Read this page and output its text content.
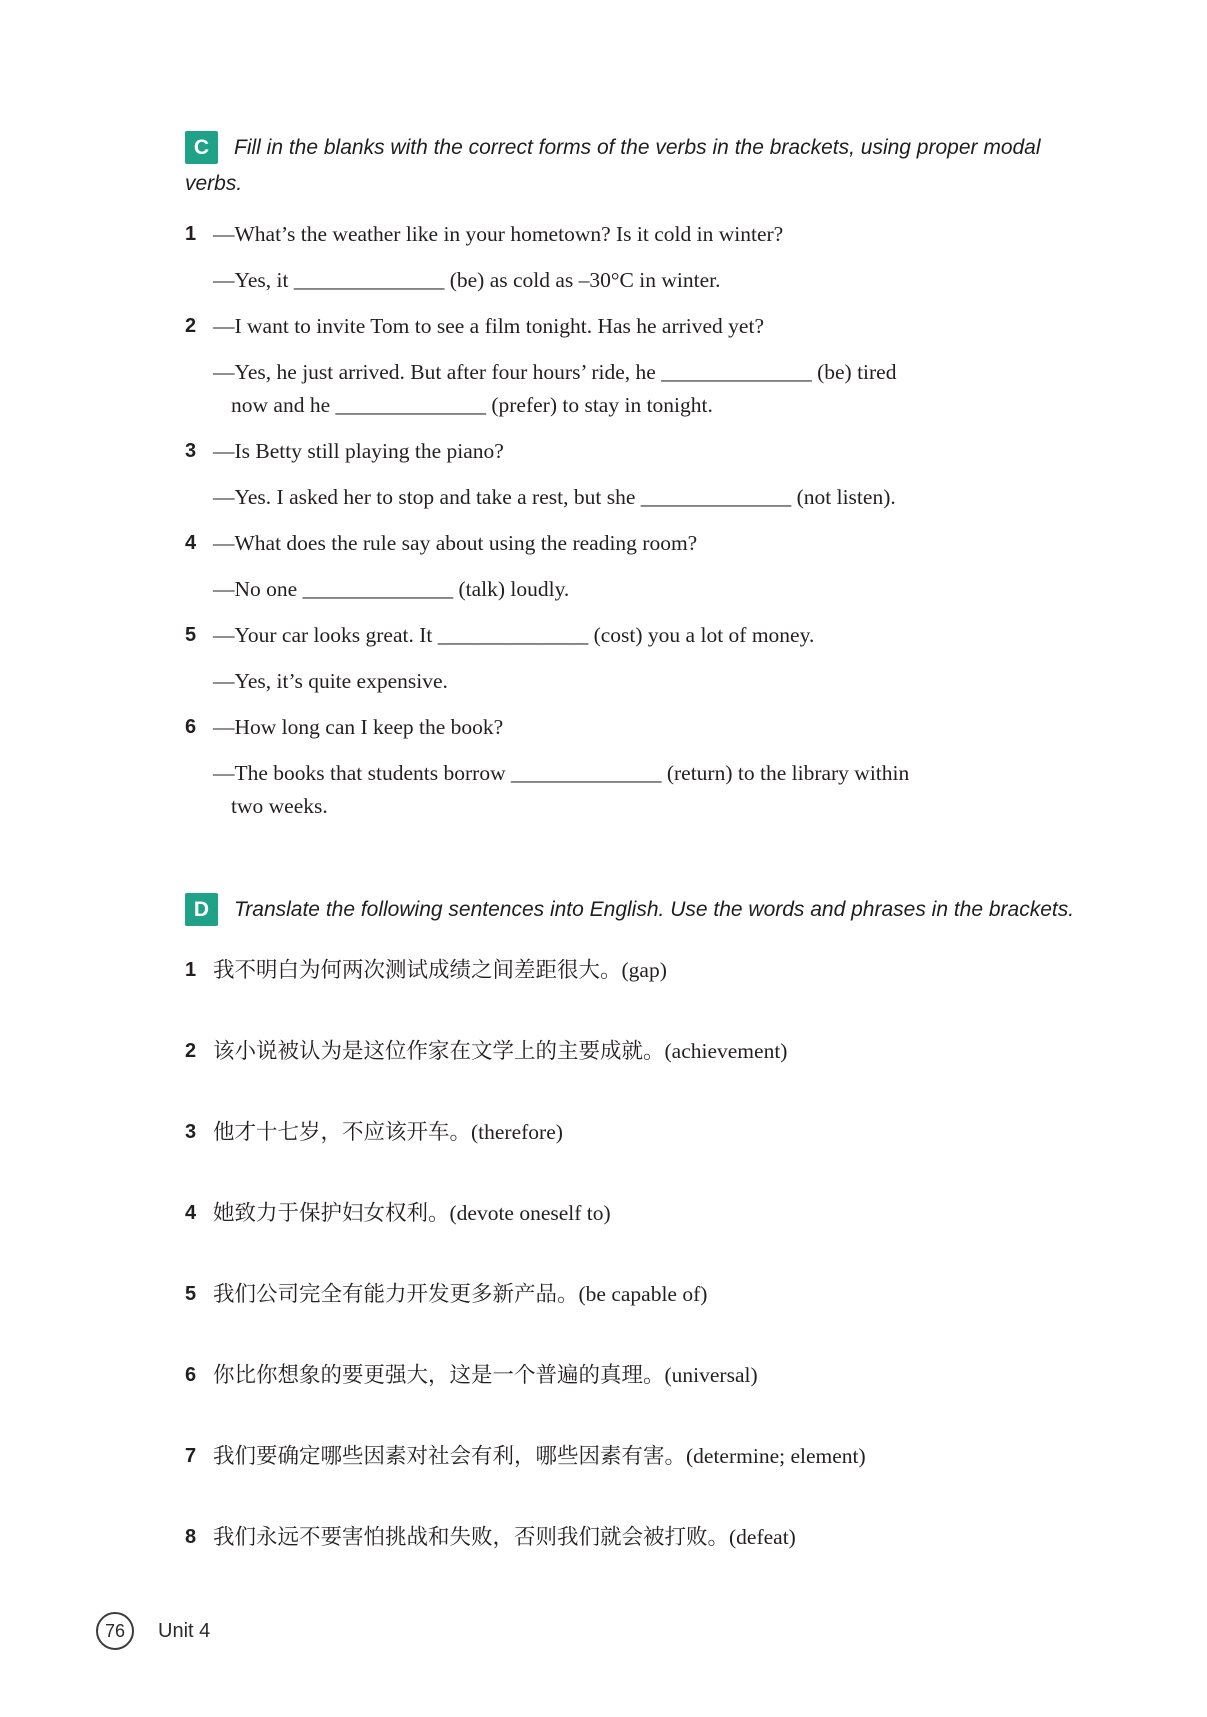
C	Fill in the blanks with the correct forms of the verbs in the brackets, using proper modal
verbs.
1 —What’s the weather like in your hometown? Is it cold in winter?
—Yes, it ______________ (be) as cold as –30°C in winter.
2 —I want to invite Tom to see a film tonight. Has he arrived yet?
—Yes, he just arrived. But after four hours’ ride, he ______________ (be) tired
now and he ______________ (prefer) to stay in tonight.
3 —Is Betty still playing the piano?
—Yes. I asked her to stop and take a rest, but she ______________ (not listen).
4 —What does the rule say about using the reading room?
—No one ______________ (talk) loudly.
5 —Your car looks great. It ______________ (cost) you a lot of money.
—Yes, it’s quite expensive.
6 —How long can I keep the book?
—The books that students borrow ______________ (return) to the library within
two weeks.
D	Translate the following sentences into English. Use the words and phrases in the brackets.
1 我不明白为何两次测试成绩之间差距很大。(gap)
2 该小说被认为是这位作家在文学上的主要成就。(achievement)
3 他才十七岁，不应该开车。(therefore)
4 她致力于保护妇女权利。(devote oneself to)
5 我们公司完全有能力开发更多新产品。(be capable of)
6 你比你想象的要更强大，这是一个普遍的真理。(universal)
7 我们要确定哪些因素对社会有利，哪些因素有害。(determine; element)
8 我们永远不要害怕挑战和失败，否则我们就会被打败。(defeat)
76 Unit 4
